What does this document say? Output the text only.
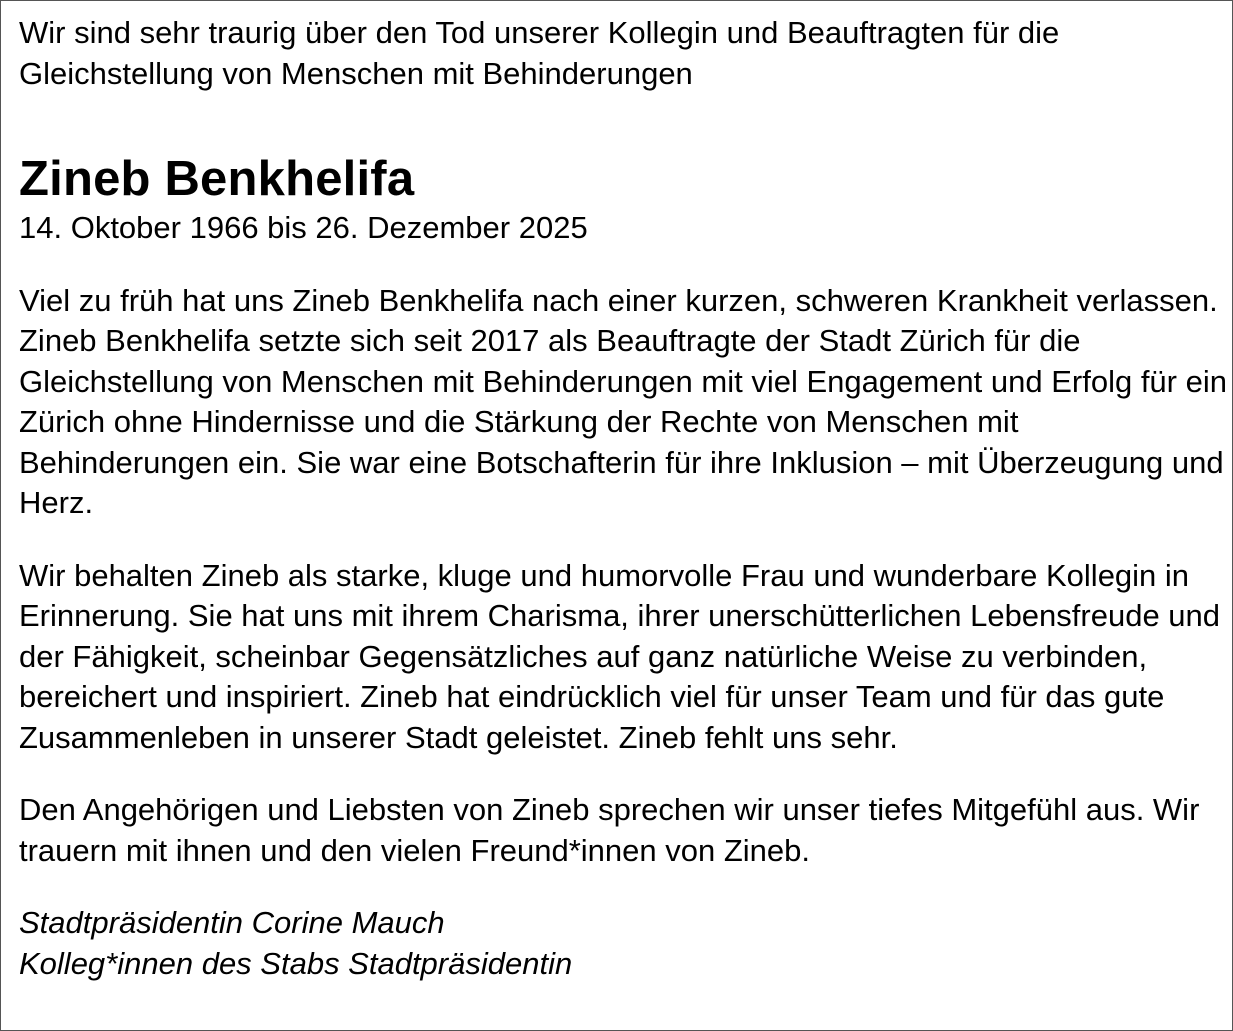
Wir sind sehr traurig über den Tod unserer Kollegin und Beauftragten für die Gleichstellung von Menschen mit Behinderungen

Zineb Benkhelifa

14. Oktober 1966 bis 26. Dezember 2025

Viel zu früh hat uns Zineb Benkhelifa nach einer kurzen, schweren Krankheit verlassen. Zineb Benkhelifa setzte sich seit 2017 als Beauftragte der Stadt Zürich für die Gleichstellung von Menschen mit Behinderungen mit viel Engagement und Erfolg für ein Zürich ohne Hindernisse und die Stärkung der Rechte von Menschen mit Behinderungen ein. Sie war eine Botschafterin für ihre Inklusion – mit Überzeugung und Herz.

Wir behalten Zineb als starke, kluge und humorvolle Frau und wunderbare Kollegin in Erinnerung. Sie hat uns mit ihrem Charisma, ihrer unerschütterlichen Lebensfreude und der Fähigkeit, scheinbar Gegensätzliches auf ganz natürliche Weise zu verbinden, bereichert und inspiriert. Zineb hat eindrücklich viel für unser Team und für das gute Zusammenleben in unserer Stadt geleistet. Zineb fehlt uns sehr.

Den Angehörigen und Liebsten von Zineb sprechen wir unser tiefes Mitgefühl aus. Wir trauern mit ihnen und den vielen Freund*innen von Zineb.

Stadtpräsidentin Corine Mauch
Kolleg*innen des Stabs Stadtpräsidentin
